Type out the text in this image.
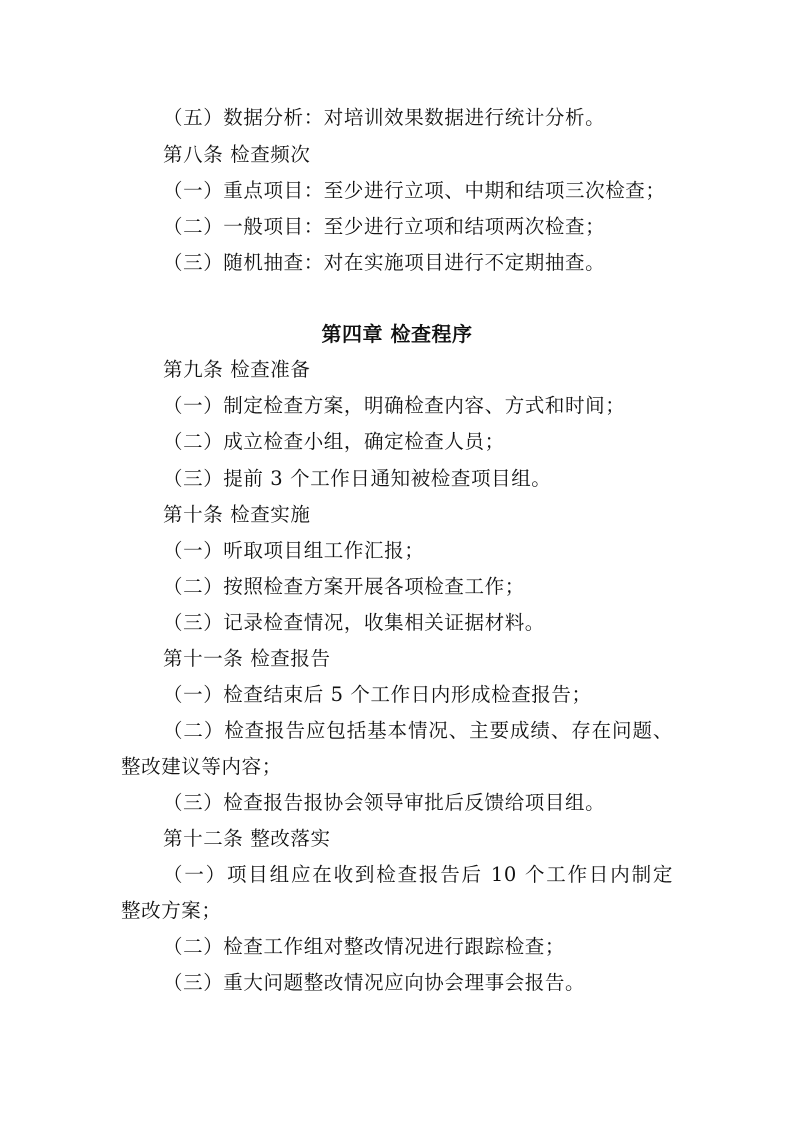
（五）数据分析：对培训效果数据进行统计分析。
第八条 检查频次
（一）重点项目：至少进行立项、中期和结项三次检查；
（二）一般项目：至少进行立项和结项两次检查；
（三）随机抽查：对在实施项目进行不定期抽查。
第四章 检查程序
第九条 检查准备
（一）制定检查方案，明确检查内容、方式和时间；
（二）成立检查小组，确定检查人员；
（三）提前 3 个工作日通知被检查项目组。
第十条 检查实施
（一）听取项目组工作汇报；
（二）按照检查方案开展各项检查工作；
（三）记录检查情况，收集相关证据材料。
第十一条 检查报告
（一）检查结束后 5 个工作日内形成检查报告；
（二）检查报告应包括基本情况、主要成绩、存在问题、
整改建议等内容；
（三）检查报告报协会领导审批后反馈给项目组。
第十二条 整改落实
（一）项目组应在收到检查报告后 10 个工作日内制定
整改方案；
（二）检查工作组对整改情况进行跟踪检查；
（三）重大问题整改情况应向协会理事会报告。
